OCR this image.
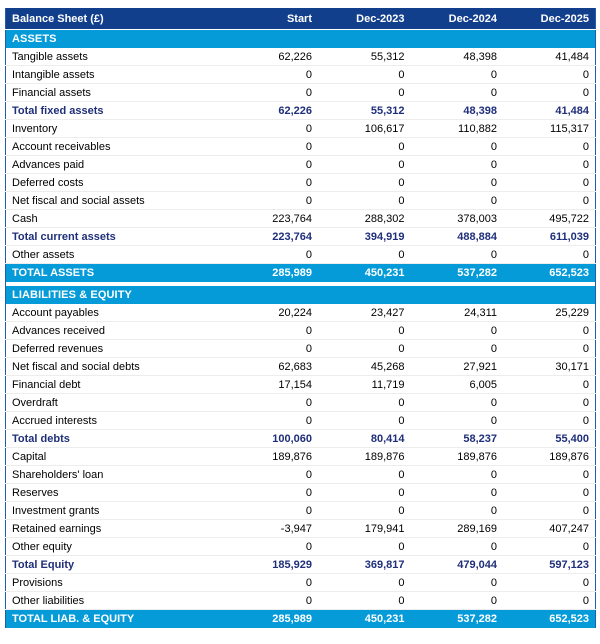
Balance Sheet (£)	Start	Dec-2023	Dec-2024	Dec-2025
ASSETS				
Tangible assets	62,226	55,312	48,398	41,484
Intangible assets	0	0	0	0
Financial assets	0	0	0	0
Total fixed assets	62,226	55,312	48,398	41,484
Inventory	0	106,617	110,882	115,317
Account receivables	0	0	0	0
Advances paid	0	0	0	0
Deferred costs	0	0	0	0
Net fiscal and social assets	0	0	0	0
Cash	223,764	288,302	378,003	495,722
Total current assets	223,764	394,919	488,884	611,039
Other assets	0	0	0	0
TOTAL ASSETS	285,989	450,231	537,282	652,523

LIABILITIES & EQUITY				
Account payables	20,224	23,427	24,311	25,229
Advances received	0	0	0	0
Deferred revenues	0	0	0	0
Net fiscal and social debts	62,683	45,268	27,921	30,171
Financial debt	17,154	11,719	6,005	0
Overdraft	0	0	0	0
Accrued interests	0	0	0	0
Total debts	100,060	80,414	58,237	55,400
Capital	189,876	189,876	189,876	189,876
Shareholders' loan	0	0	0	0
Reserves	0	0	0	0
Investment grants	0	0	0	0
Retained earnings	-3,947	179,941	289,169	407,247
Other equity	0	0	0	0
Total Equity	185,929	369,817	479,044	597,123
Provisions	0	0	0	0
Other liabilities	0	0	0	0
TOTAL LIAB. & EQUITY	285,989	450,231	537,282	652,523
